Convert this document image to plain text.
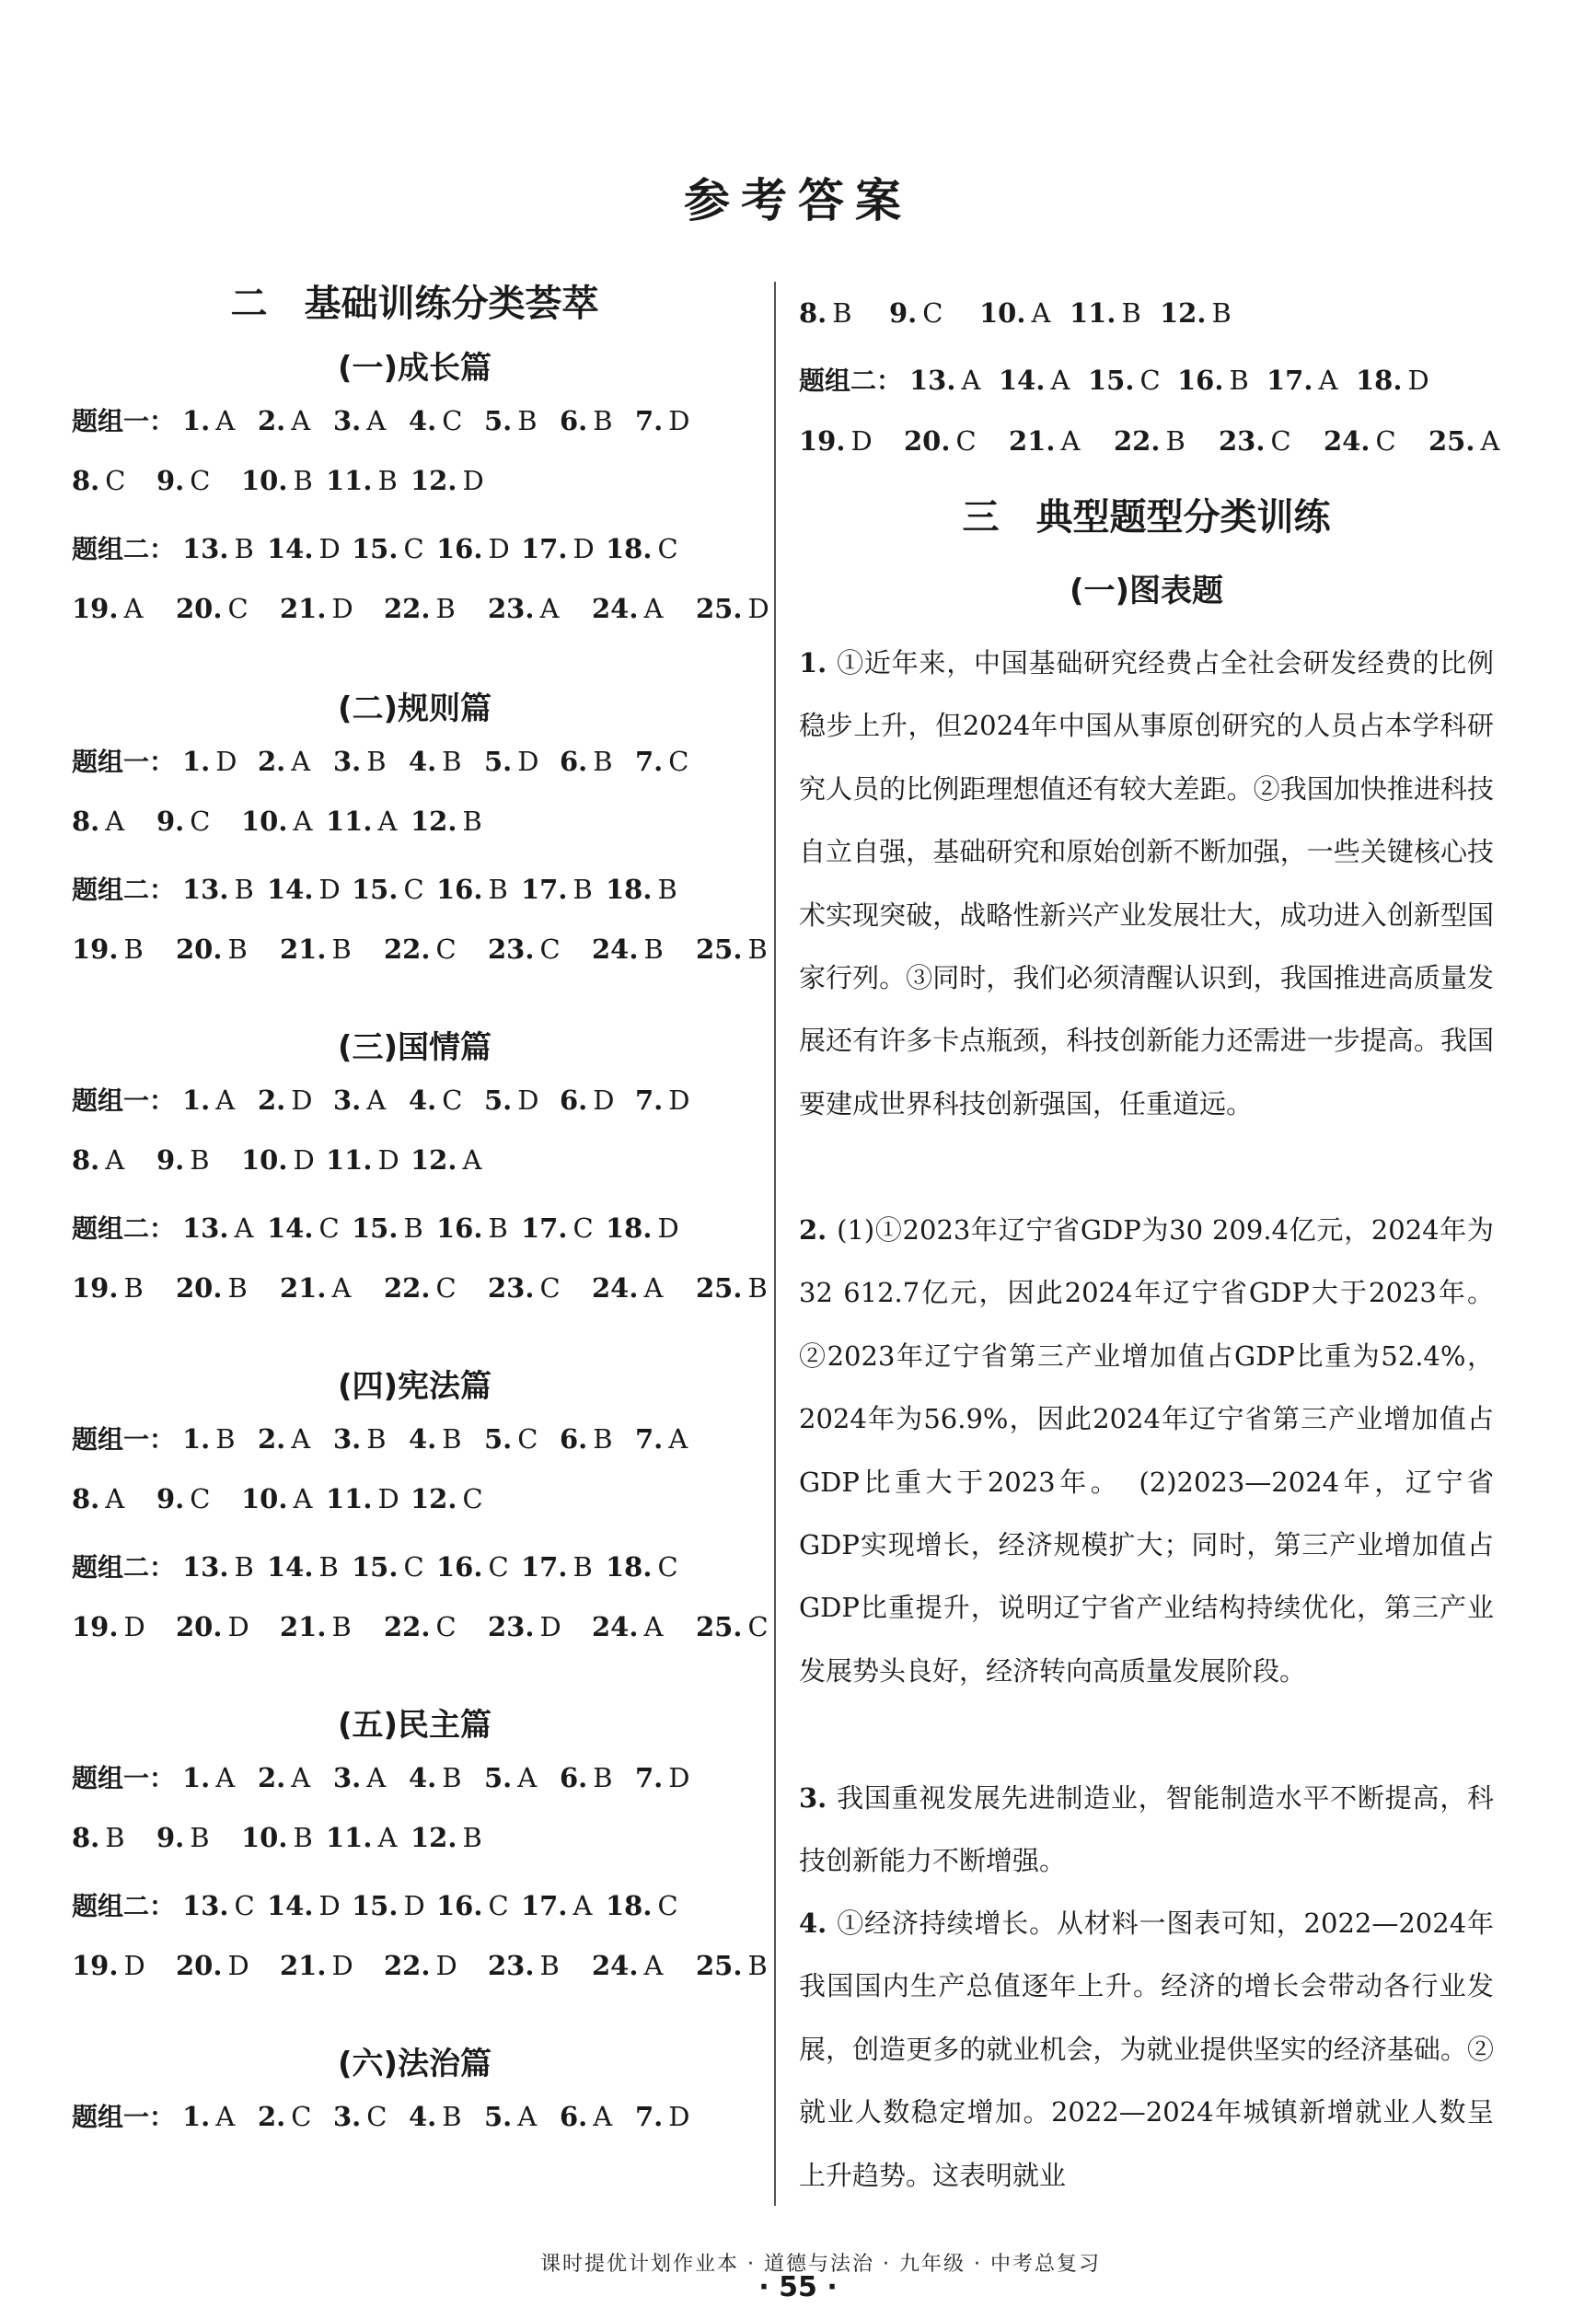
参考答案
二　基础训练分类荟萃
(一)成长篇
题组一： 1. A 2. A 3. A 4. C 5. B 6. B 7. D
8. C 9. C 10. B 11. B 12. D
题组二： 13. B 14. D 15. C 16. D 17. D 18. C
19. A 20. C 21. D 22. B 23. A 24. A 25. D
(二)规则篇
题组一： 1. D 2. A 3. B 4. B 5. D 6. B 7. C
8. A 9. C 10. A 11. A 12. B
题组二： 13. B 14. D 15. C 16. B 17. B 18. B
19. B 20. B 21. B 22. C 23. C 24. B 25. B
(三)国情篇
题组一： 1. A 2. D 3. A 4. C 5. D 6. D 7. D
8. A 9. B 10. D 11. D 12. A
题组二： 13. A 14. C 15. B 16. B 17. C 18. D
19. B 20. B 21. A 22. C 23. C 24. A 25. B
(四)宪法篇
题组一： 1. B 2. A 3. B 4. B 5. C 6. B 7. A
8. A 9. C 10. A 11. D 12. C
题组二： 13. B 14. B 15. C 16. C 17. B 18. C
19. D 20. D 21. B 22. C 23. D 24. A 25. C
(五)民主篇
题组一： 1. A 2. A 3. A 4. B 5. A 6. B 7. D
8. B 9. B 10. B 11. A 12. B
题组二： 13. C 14. D 15. D 16. C 17. A 18. C
19. D 20. D 21. D 22. D 23. B 24. A 25. B
(六)法治篇
题组一： 1. A 2. C 3. C 4. B 5. A 6. A 7. D
三　典型题型分类训练
(一)图表题
8. B 9. C 10. A 11. B 12. B
题组二： 13. A 14. A 15. C 16. B 17. A 18. D
19. D 20. C 21. A 22. B 23. C 24. C 25. A

1. ①近年来，中国基础研究经费占全社会研发经费的比例稳步上升，但2024年中国从事原创研究的人员占本学科研究人员的比例距理想值还有较大差距。②我国加快推进科技自立自强，基础研究和原始创新不断加强，一些关键核心技术实现突破，战略性新兴产业发展壮大，成功进入创新型国家行列。③同时，我们必须清醒认识到，我国推进高质量发展还有许多卡点瓶颈，科技创新能力还需进一步提高。我国要建成世界科技创新强国，任重道远。

2. (1)①2023年辽宁省GDP为30 209.4亿元，2024年为32 612.7亿元，因此2024年辽宁省GDP大于2023年。②2023年辽宁省第三产业增加值占GDP比重为52.4%，2024年为56.9%，因此2024年辽宁省第三产业增加值占GDP比重大于2023年。　(2)2023—2024年，辽宁省GDP实现增长，经济规模扩大；同时，第三产业增加值占GDP比重提升，说明辽宁省产业结构持续优化，第三产业发展势头良好，经济转向高质量发展阶段。

3. 我国重视发展先进制造业，智能制造水平不断提高，科技创新能力不断增强。

4. ①经济持续增长。从材料一图表可知，2022—2024年我国国内生产总值逐年上升。经济的增长会带动各行业发展，创造更多的就业机会，为就业提供坚实的经济基础。②就业人数稳定增加。2022—2024年城镇新增就业人数呈上升趋势。这表明就业

课时提优计划作业本 · 道德与法治 · 九年级 · 中考总复习
· 55 ·
